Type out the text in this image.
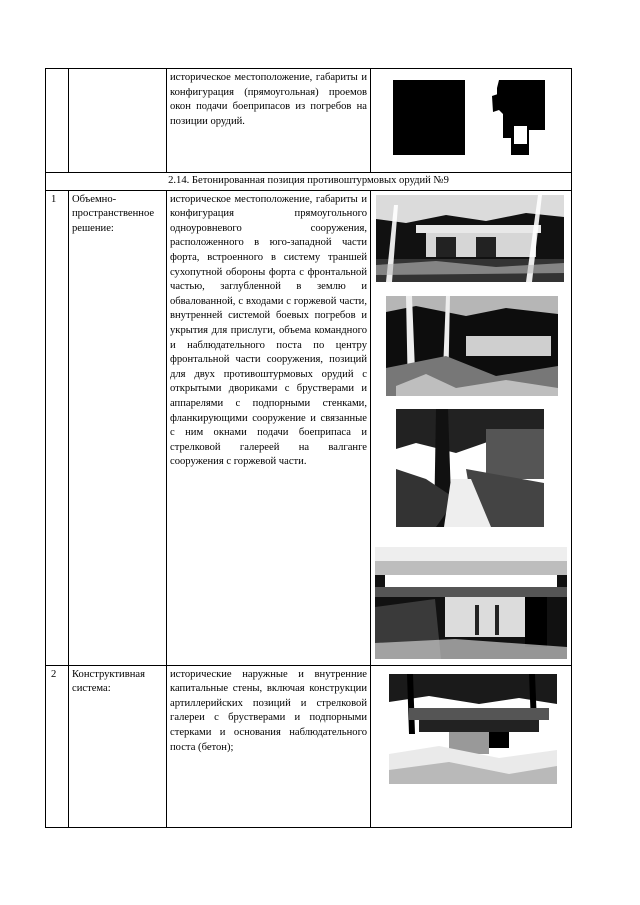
		историческое местоположение, габариты и конфигурация (прямоугольная) проемов окон подачи боеприпасов из погребов на позиции орудий.	

2.14. Бетонированная позиция противоштурмовых орудий №9			
1	Объемно-пространственное решение:	историческое местоположение, габариты и конфигурация прямоугольного одноуровневого сооружения, расположенного в юго-западной части форта, встроенного в систему траншей сухопутной обороны форта с фронтальной частью, заглубленной в землю и обвалованной, с входами с горжевой части, внутренней системой боевых погребов и укрытия для прислуги, объема командного и наблюдательного поста по центру фронтальной части сооружения, позиций для двух противоштурмовых орудий с открытыми двориками с брустверами и аппарелями с подпорными стенками, фланкирующими сооружение и связанные с ним окнами подачи боеприпаса и стрелковой галереей на валганге сооружения с горжевой части.	

2	Конструктивная система:	исторические наружные и внутренние капитальные стены, включая конструкции артиллерийских позиций и стрелковой галереи с брустверами и подпорными стерками и основания наблюдательного поста (бетон);	
